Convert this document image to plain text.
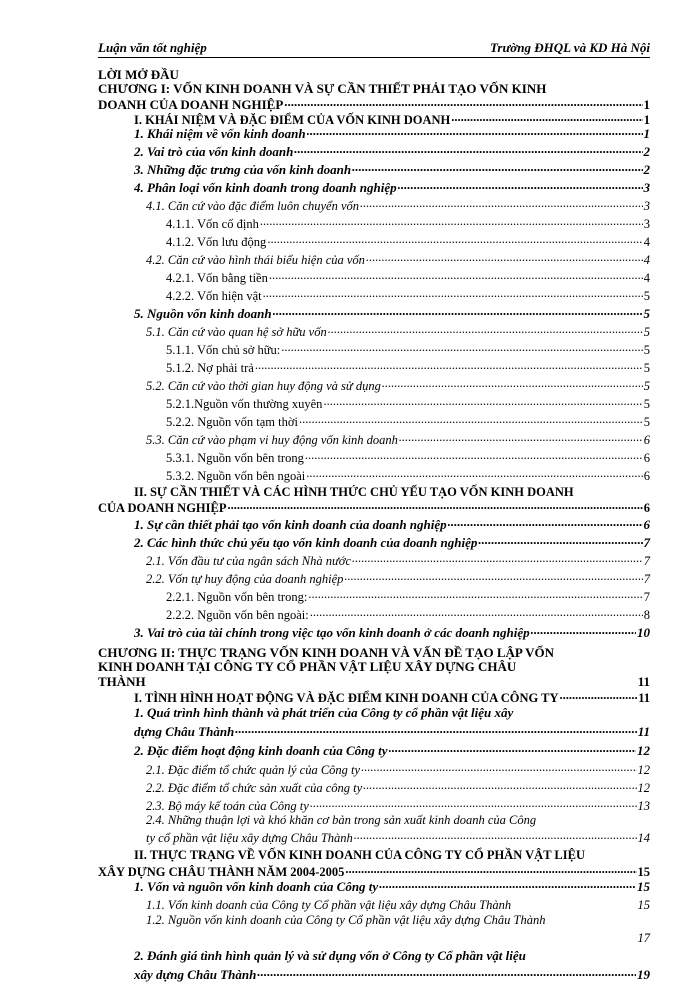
Luận văn tốt nghiệp	Trường ĐHQL và KD Hà Nội
LỜI MỞ ĐẦU
CHƯƠNG I: VỐN KINH DOANH VÀ SỰ CẦN THIẾT PHẢI TẠO VỐN KINH
DOANH CỦA DOANH NGHIỆP .....	1
I. KHÁI NIỆM VÀ ĐẶC ĐIỂM CỦA VỐN KINH DOANH .....	1
1. Khái niệm về vốn kinh doanh .....	1
2. Vai trò của vốn kinh doanh .....	2
3. Những đặc trưng của vốn kinh doanh .....	2
4. Phân loại vốn kinh doanh trong doanh nghiệp .....	3
4.1. Căn cứ vào đặc điểm luôn chuyển vốn .....	3
4.1.1. Vốn cố định .....	3
4.1.2. Vốn lưu động .....	4
4.2. Căn cứ vào hình thái biểu hiện của vốn .....	4
4.2.1. Vốn bằng tiền .....	4
4.2.2. Vốn hiện vật .....	5
5. Nguồn vốn kinh doanh .....	5
5.1. Căn cứ vào quan hệ sở hữu vốn .....	5
5.1.1. Vốn chủ sở hữu: .....	5
5.1.2. Nợ phải trả .....	5
5.2. Căn cứ vào thời gian huy động và sử dụng .....	5
5.2.1.Nguồn vốn thường xuyên .....	5
5.2.2. Nguồn vốn tạm thời .....	5
5.3. Căn cứ vào phạm vi huy động vốn kinh doanh .....	6
5.3.1. Nguồn vốn bên trong .....	6
5.3.2. Nguồn vốn bên ngoài .....	6
II. SỰ CẦN THIẾT VÀ CÁC HÌNH THỨC CHỦ YẾU TẠO VỐN KINH DOANH
CỦA DOANH NGHIỆP .....	6
1. Sự cần thiết phải tạo vốn kinh doanh của doanh nghiệp .....	6
2. Các hình thức chủ yếu tạo vốn kinh doanh của doanh nghiệp .....	7
2.1. Vốn đầu tư của ngân sách Nhà nước .....	7
2.2. Vốn tự huy động của doanh nghiệp .....	7
2.2.1. Nguồn vốn bên trong: .....	7
2.2.2. Nguồn vốn bên ngoài: .....	8
3. Vai trò của tài chính trong việc tạo vốn kinh doanh ở các doanh nghiệp .....	10
CHƯƠNG II: THỰC TRẠNG VỐN KINH DOANH VÀ VẤN ĐỀ TẠO LẬP VỐN
KINH DOANH TẠI CÔNG TY CỔ PHẦN VẬT LIỆU XÂY DỰNG CHÂU
THÀNH	11
I. TÌNH HÌNH HOẠT ĐỘNG VÀ ĐẶC ĐIỂM KINH DOANH CỦA CÔNG TY .....	11
1. Quá trình hình thành và phát triển của Công ty cổ phần vật liệu xây
dựng Châu Thành .....	11
2. Đặc điểm hoạt động kinh doanh của Công ty .....	12
2.1. Đặc điểm tổ chức quản lý của Công ty .....	12
2.2. Đặc điểm tổ chức sản xuất của công ty .....	12
2.3. Bộ máy kế toán của Công ty .....	13
2.4. Những thuận lợi và khó khăn cơ bản trong sản xuất kinh doanh của Công
ty cổ phần vật liệu xây dựng Châu Thành .....	14
II. THỰC TRẠNG VỀ VỐN KINH DOANH CỦA CÔNG TY CỔ PHẦN VẬT LIỆU
XÂY DỰNG CHÂU THÀNH NĂM 2004-2005 .....	15
1. Vốn và nguồn vốn kinh doanh của Công ty .....	15
1.1. Vốn kinh doanh của Công ty Cổ phần vật liệu xây dựng Châu Thành	15
1.2. Nguồn vốn kinh doanh của Công ty Cổ phần vật liệu xây dựng Châu Thành
17
2. Đánh giá tình hình quản lý và sử dụng vốn ở Công ty Cổ phần vật liệu
xây dựng Châu Thành .....	19
